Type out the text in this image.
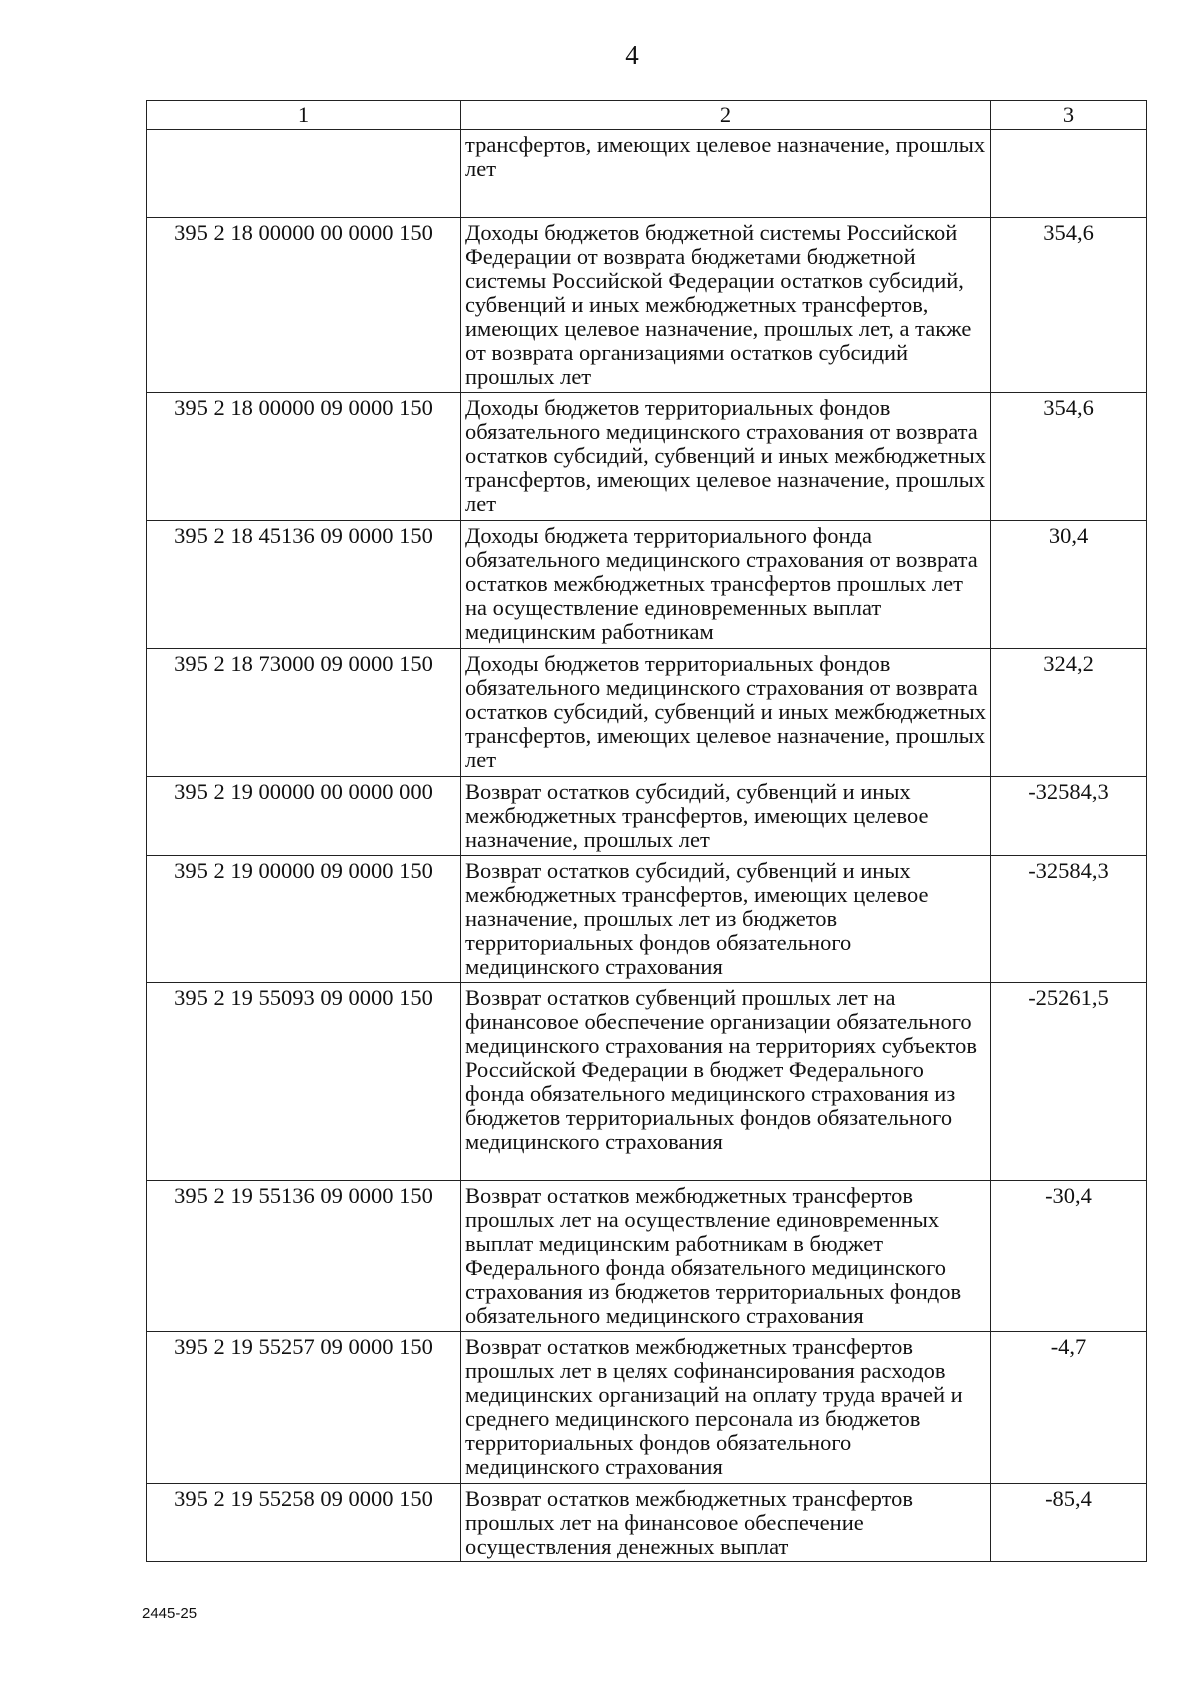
4
1	2	3
	трансфертов, имеющих целевое назначение, прошлых лет	
395 2 18 00000 00 0000 150	Доходы бюджетов бюджетной системы Российской Федерации от возврата бюджетами бюджетной системы Российской Федерации остатков субсидий, субвенций и иных межбюджетных трансфертов, имеющих целевое назначение, прошлых лет, а также от возврата организациями остатков субсидий прошлых лет	354,6
395 2 18 00000 09 0000 150	Доходы бюджетов территориальных фондов обязательного медицинского страхования от возврата остатков субсидий, субвенций и иных межбюджетных трансфертов, имеющих целевое назначение, прошлых лет	354,6
395 2 18 45136 09 0000 150	Доходы бюджета территориального фонда обязательного медицинского страхования от возврата остатков межбюджетных трансфертов прошлых лет на осуществление единовременных выплат медицинским работникам	30,4
395 2 18 73000 09 0000 150	Доходы бюджетов территориальных фондов обязательного медицинского страхования от возврата остатков субсидий, субвенций и иных межбюджетных трансфертов, имеющих целевое назначение, прошлых лет	324,2
395 2 19 00000 00 0000 000	Возврат остатков субсидий, субвенций и иных межбюджетных трансфертов, имеющих целевое назначение, прошлых лет	-32584,3
395 2 19 00000 09 0000 150	Возврат остатков субсидий, субвенций и иных межбюджетных трансфертов, имеющих целевое назначение, прошлых лет из бюджетов территориальных фондов обязательного медицинского страхования	-32584,3
395 2 19 55093 09 0000 150	Возврат остатков субвенций прошлых лет на финансовое обеспечение организации обязательного медицинского страхования на территориях субъектов Российской Федерации в бюджет Федерального фонда обязательного медицинского страхования из бюджетов территориальных фондов обязательного медицинского страхования	-25261,5
395 2 19 55136 09 0000 150	Возврат остатков межбюджетных трансфертов прошлых лет на осуществление единовременных выплат медицинским работникам в бюджет Федерального фонда обязательного медицинского страхования из бюджетов территориальных фондов обязательного медицинского страхования	-30,4
395 2 19 55257 09 0000 150	Возврат остатков межбюджетных трансфертов прошлых лет в целях софинансирования расходов медицинских организаций на оплату труда врачей и среднего медицинского персонала из бюджетов территориальных фондов обязательного медицинского страхования	-4,7
395 2 19 55258 09 0000 150	Возврат остатков межбюджетных трансфертов прошлых лет на финансовое обеспечение осуществления денежных выплат	-85,4
2445-25
